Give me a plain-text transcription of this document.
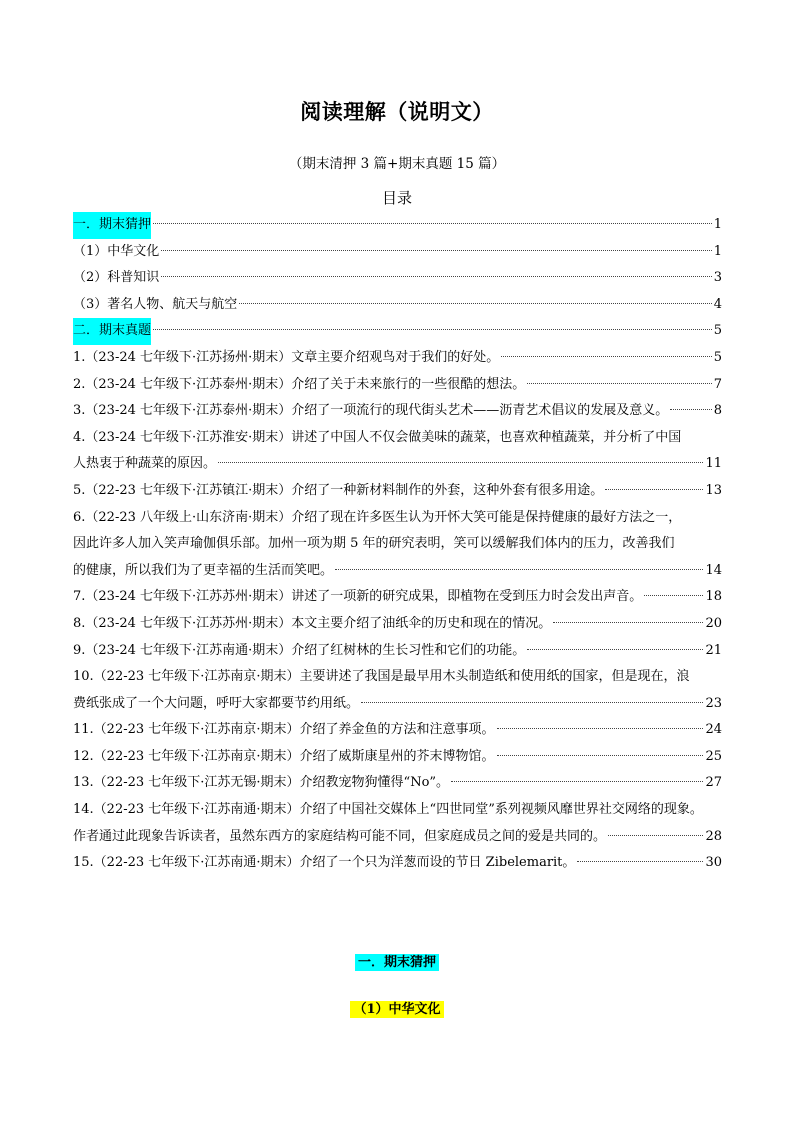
阅读理解（说明文）
（期末清押 3 篇+期末真题 15 篇）
目录
一．期末猜押	1
（1）中华文化	1
（2）科普知识	3
（3）著名人物、航天与航空	4
二．期末真题	5
1.（23-24 七年级下·江苏扬州·期末）文章主要介绍观鸟对于我们的好处。	5
2.（23-24 七年级下·江苏泰州·期末）介绍了关于未来旅行的一些很酷的想法。	7
3.（23-24 七年级下·江苏泰州·期末）介绍了一项流行的现代街头艺术——沥青艺术倡议的发展及意义。	8
4.（23-24 七年级下·江苏淮安·期末）讲述了中国人不仅会做美味的蔬菜，也喜欢种植蔬菜，并分析了中国
人热衷于种蔬菜的原因。	11
5.（22-23 七年级下·江苏镇江·期末）介绍了一种新材料制作的外套，这种外套有很多用途。	13
6.（22-23 八年级上·山东济南·期末）介绍了现在许多医生认为开怀大笑可能是保持健康的最好方法之一，
因此许多人加入笑声瑜伽俱乐部。加州一项为期 5 年的研究表明，笑可以缓解我们体内的压力，改善我们
的健康，所以我们为了更幸福的生活而笑吧。	14
7.（23-24 七年级下·江苏苏州·期末）讲述了一项新的研究成果，即植物在受到压力时会发出声音。	18
8.（23-24 七年级下·江苏苏州·期末）本文主要介绍了油纸伞的历史和现在的情况。	20
9.（23-24 七年级下·江苏南通·期末）介绍了红树林的生长习性和它们的功能。	21
10.（22-23 七年级下·江苏南京·期末）主要讲述了我国是最早用木头制造纸和使用纸的国家，但是现在，浪
费纸张成了一个大问题，呼吁大家都要节约用纸。	23
11.（22-23 七年级下·江苏南京·期末）介绍了养金鱼的方法和注意事项。	24
12.（22-23 七年级下·江苏南京·期末）介绍了威斯康星州的芥末博物馆。	25
13.（22-23 七年级下·江苏无锡·期末）介绍教宠物狗懂得“No”。	27
14.（22-23 七年级下·江苏南通·期末）介绍了中国社交媒体上“四世同堂”系列视频风靡世界社交网络的现象。
作者通过此现象告诉读者，虽然东西方的家庭结构可能不同，但家庭成员之间的爱是共同的。	28
15.（22-23 七年级下·江苏南通·期末）介绍了一个只为洋葱而设的节日 Zibelemarit。	30
一．期末猜押
（1）中华文化
